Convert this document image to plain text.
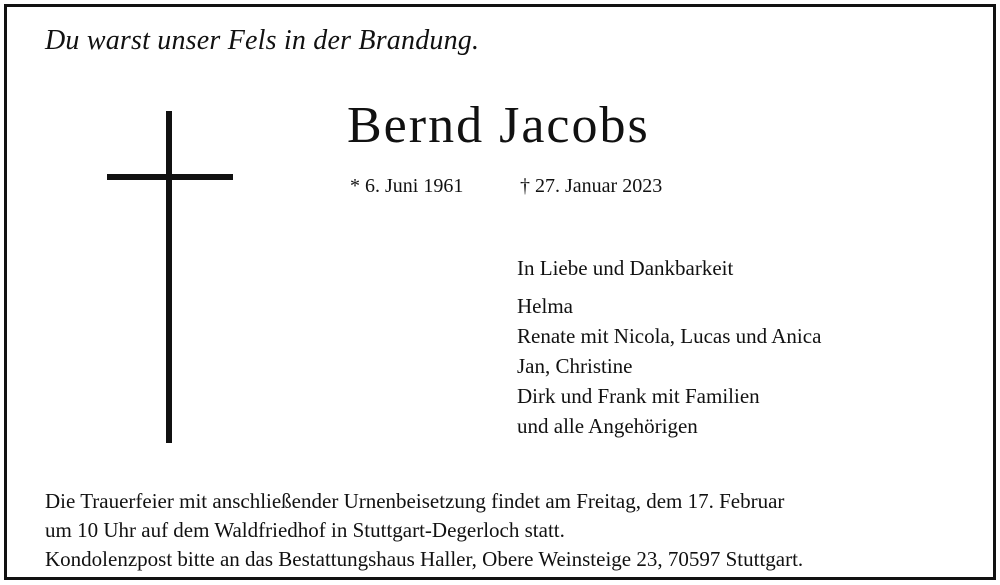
Du warst unser Fels in der Brandung.
Bernd Jacobs
* 6. Juni 1961	† 27. Januar 2023
In Liebe und Dankbarkeit
Helma
Renate mit Nicola, Lucas und Anica
Jan, Christine
Dirk und Frank mit Familien
und alle Angehörigen
Die Trauerfeier mit anschließender Urnenbeisetzung findet am Freitag, dem 17. Februar
um 10 Uhr auf dem Waldfriedhof in Stuttgart-Degerloch statt.
Kondolenzpost bitte an das Bestattungshaus Haller, Obere Weinsteige 23, 70597 Stuttgart.
